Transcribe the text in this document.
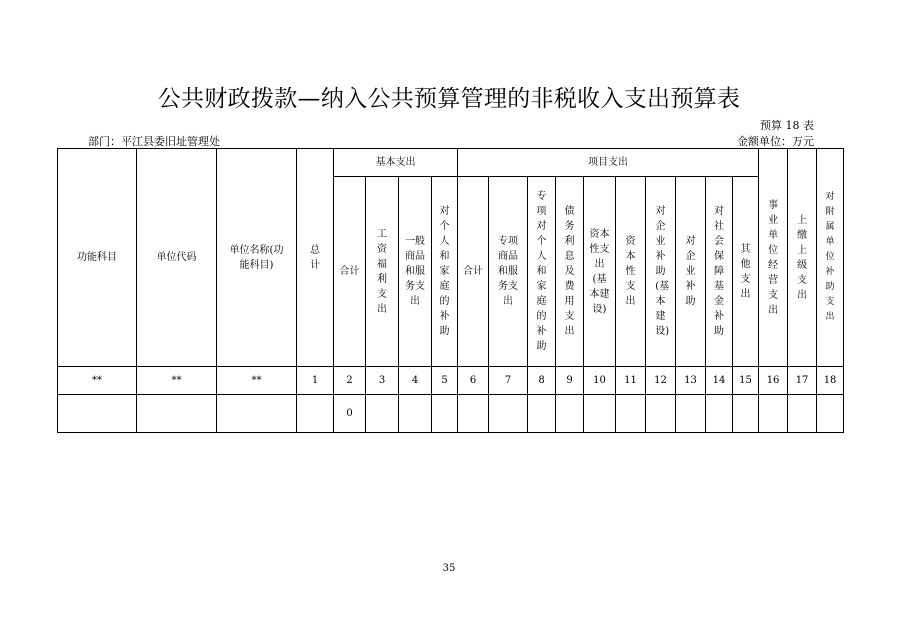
公共财政拨款—纳入公共预算管理的非税收入支出预算表
预算 18 表
部门：平江县委旧址管理处	金额单位：万元
功能科目	单位代码	单位名称(功能科目)	总计	基本支出				项目支出										事业单位经营支出	上缴上级支出	对附属单位补助支出
				合计	工资福利支出	一般商品和服务支出	对个人和家庭的补助	合计	专项商品和服务支出	专项对个人和家庭的补助	债务利息及费用支出	资本性支出(基本建设)	资本性支出	对企业补助(基本建设)	对企业补助	对社会保障基金补助	其他支出			
**	**	**	1	2	3	4	5	6	7	8	9	10	11	12	13	14	15	16	17	18
				0																
35
